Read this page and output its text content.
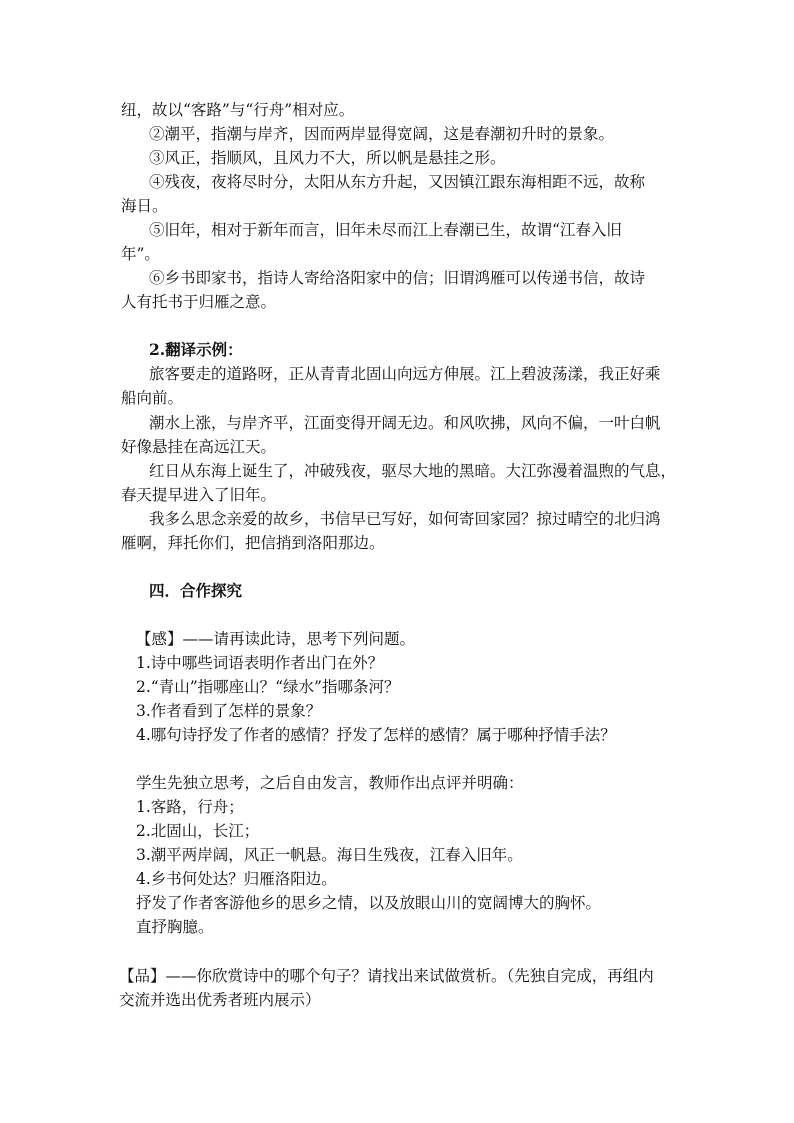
纽，故以“客路”与“行舟”相对应。
②潮平，指潮与岸齐，因而两岸显得宽阔，这是春潮初升时的景象。
③风正，指顺风，且风力不大，所以帆是悬挂之形。
④残夜，夜将尽时分，太阳从东方升起，又因镇江跟东海相距不远，故称
海日。
⑤旧年，相对于新年而言，旧年未尽而江上春潮已生，故谓“江春入旧
年”。
⑥乡书即家书，指诗人寄给洛阳家中的信；旧谓鸿雁可以传递书信，故诗
人有托书于归雁之意。
2.翻译示例：
旅客要走的道路呀，正从青青北固山向远方伸展。江上碧波荡漾，我正好乘
船向前。
潮水上涨，与岸齐平，江面变得开阔无边。和风吹拂，风向不偏，一叶白帆
好像悬挂在高远江天。
红日从东海上诞生了，冲破残夜，驱尽大地的黑暗。大江弥漫着温煦的气息，
春天提早进入了旧年。
我多么思念亲爱的故乡，书信早已写好，如何寄回家园？掠过晴空的北归鸿
雁啊，拜托你们，把信捎到洛阳那边。
四．合作探究
【感】——请再读此诗，思考下列问题。
1.诗中哪些词语表明作者出门在外？
2.“青山”指哪座山？“绿水”指哪条河？
3.作者看到了怎样的景象？
4.哪句诗抒发了作者的感情？抒发了怎样的感情？属于哪种抒情手法？
学生先独立思考，之后自由发言，教师作出点评并明确：
1.客路，行舟；
2.北固山，长江；
3.潮平两岸阔，风正一帆悬。海日生残夜，江春入旧年。
4.乡书何处达？归雁洛阳边。
抒发了作者客游他乡的思乡之情，以及放眼山川的宽阔博大的胸怀。
直抒胸臆。
【品】——你欣赏诗中的哪个句子？请找出来试做赏析。（先独自完成，再组内
交流并选出优秀者班内展示）
